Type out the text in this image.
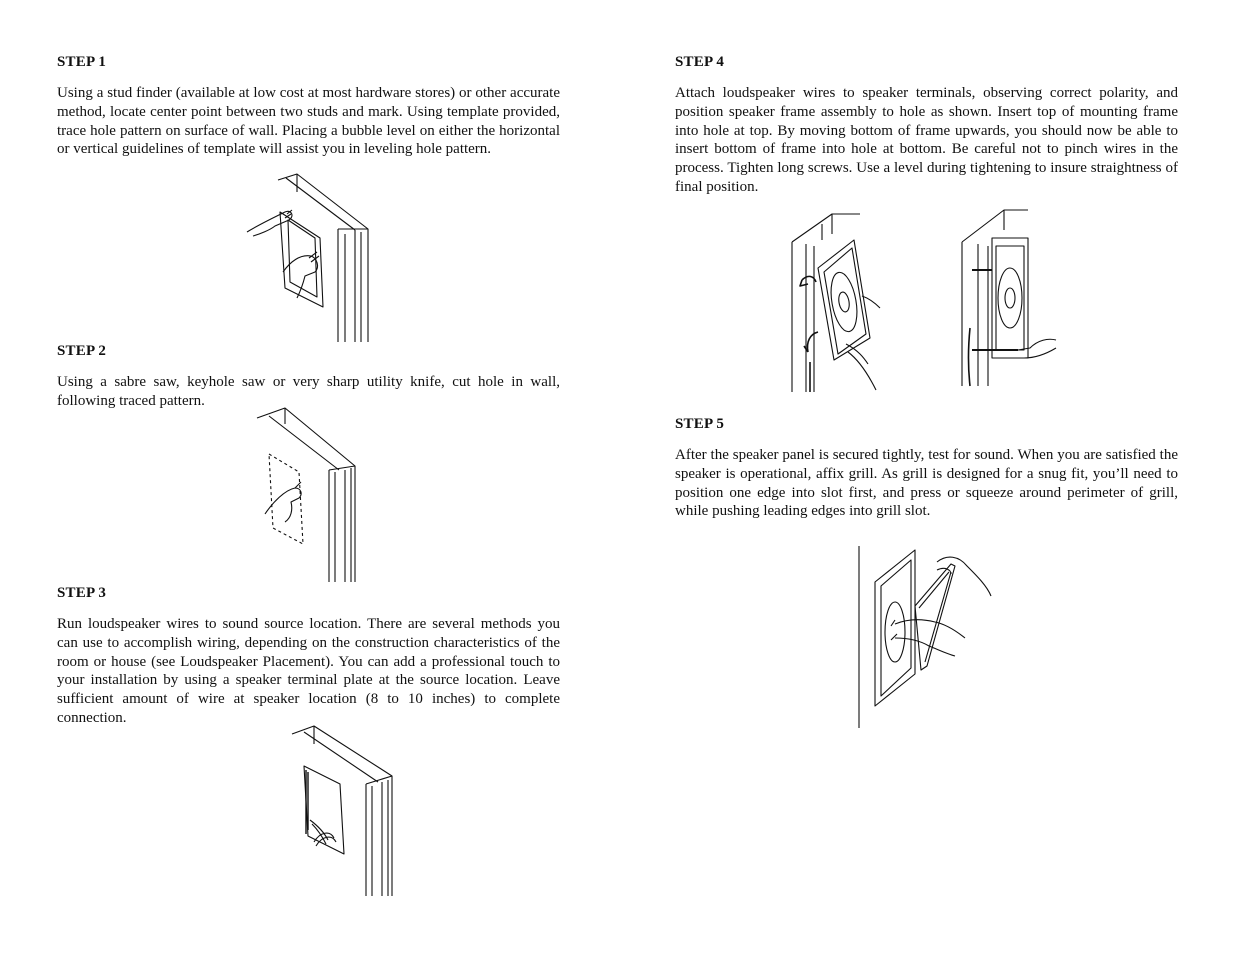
STEP 1

Using a stud finder (available at low cost at most hardware stores) or other accurate method, locate center point between two studs and mark. Using template provided, trace hole pattern on surface of wall. Placing a bubble level on either the horizontal or vertical guidelines of template will assist you in leveling hole pattern.

STEP 2

Using a sabre saw, keyhole saw or very sharp utility knife, cut hole in wall, following traced pattern.

STEP 3

Run loudspeaker wires to sound source location. There are several methods you can use to accomplish wiring, depending on the construction characteristics of the room or house (see Loudspeaker Placement). You can add a professional touch to your installation by using a speaker terminal plate at the source location. Leave sufficient amount of wire at speaker location (8 to 10 inches) to complete connection.

STEP 4

Attach loudspeaker wires to speaker terminals, observing correct polarity, and position speaker frame assembly to hole as shown. Insert top of mounting frame into hole at top. By moving bottom of frame upwards, you should now be able to insert bottom of frame into hole at bottom. Be careful not to pinch wires in the process. Tighten long screws. Use a level during tightening to insure straightness of final position.

STEP 5

After the speaker panel is secured tightly, test for sound. When you are satisfied the speaker is operational, affix grill. As grill is designed for a snug fit, you’ll need to position one edge into slot first, and press or squeeze around perimeter of grill, while pushing leading edges into grill slot.
